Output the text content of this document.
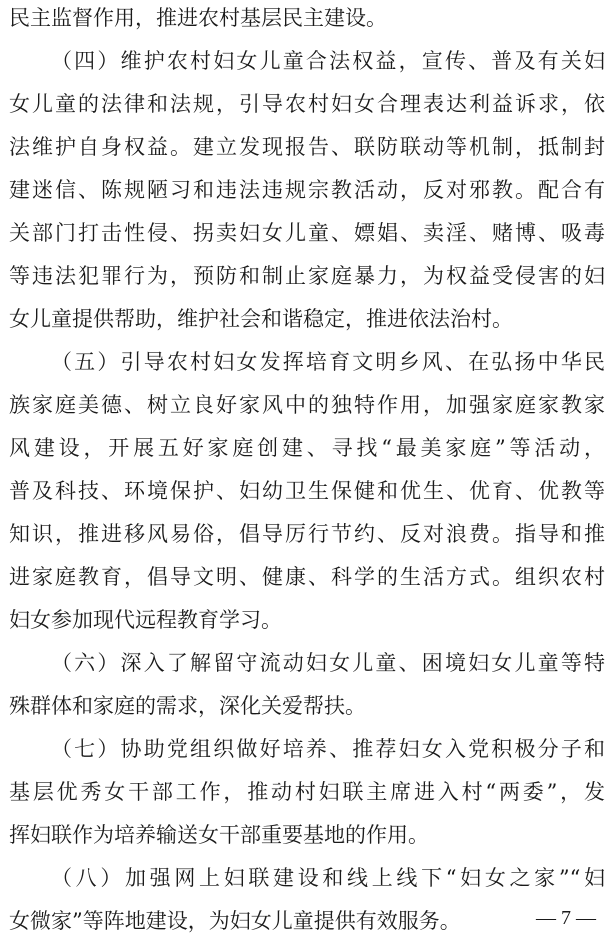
民主监督作用，推进农村基层民主建设。
（四）维护农村妇女儿童合法权益，宣传、普及有关妇
女儿童的法律和法规，引导农村妇女合理表达利益诉求，依
法维护自身权益。建立发现报告、联防联动等机制，抵制封
建迷信、陈规陋习和违法违规宗教活动，反对邪教。配合有
关部门打击性侵、拐卖妇女儿童、嫖娼、卖淫、赌博、吸毒
等违法犯罪行为，预防和制止家庭暴力，为权益受侵害的妇
女儿童提供帮助，维护社会和谐稳定，推进依法治村。
（五）引导农村妇女发挥培育文明乡风、在弘扬中华民
族家庭美德、树立良好家风中的独特作用，加强家庭家教家
风建设，开展五好家庭创建、寻找“最美家庭”等活动，
普及科技、环境保护、妇幼卫生保健和优生、优育、优教等
知识，推进移风易俗，倡导厉行节约、反对浪费。指导和推
进家庭教育，倡导文明、健康、科学的生活方式。组织农村
妇女参加现代远程教育学习。
（六）深入了解留守流动妇女儿童、困境妇女儿童等特
殊群体和家庭的需求，深化关爱帮扶。
（七）协助党组织做好培养、推荐妇女入党积极分子和
基层优秀女干部工作，推动村妇联主席进入村“两委”，发
挥妇联作为培养输送女干部重要基地的作用。
（八）加强网上妇联建设和线上线下“妇女之家”“妇
女微家”等阵地建设，为妇女儿童提供有效服务。	— 7 —
